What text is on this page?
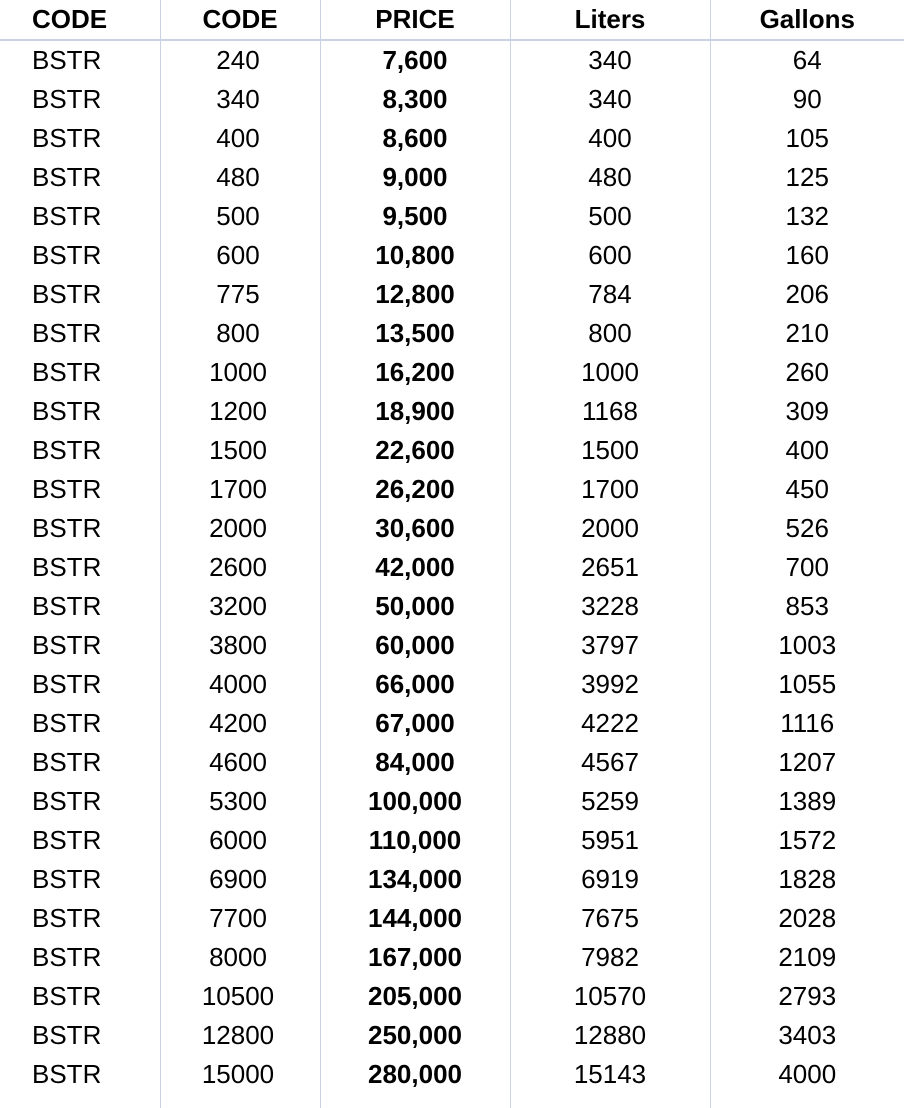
CODE	CODE	PRICE	Liters	Gallons
BSTR	240	7,600	340	64
BSTR	340	8,300	340	90
BSTR	400	8,600	400	105
BSTR	480	9,000	480	125
BSTR	500	9,500	500	132
BSTR	600	10,800	600	160
BSTR	775	12,800	784	206
BSTR	800	13,500	800	210
BSTR	1000	16,200	1000	260
BSTR	1200	18,900	1168	309
BSTR	1500	22,600	1500	400
BSTR	1700	26,200	1700	450
BSTR	2000	30,600	2000	526
BSTR	2600	42,000	2651	700
BSTR	3200	50,000	3228	853
BSTR	3800	60,000	3797	1003
BSTR	4000	66,000	3992	1055
BSTR	4200	67,000	4222	1116
BSTR	4600	84,000	4567	1207
BSTR	5300	100,000	5259	1389
BSTR	6000	110,000	5951	1572
BSTR	6900	134,000	6919	1828
BSTR	7700	144,000	7675	2028
BSTR	8000	167,000	7982	2109
BSTR	10500	205,000	10570	2793
BSTR	12800	250,000	12880	3403
BSTR	15000	280,000	15143	4000
